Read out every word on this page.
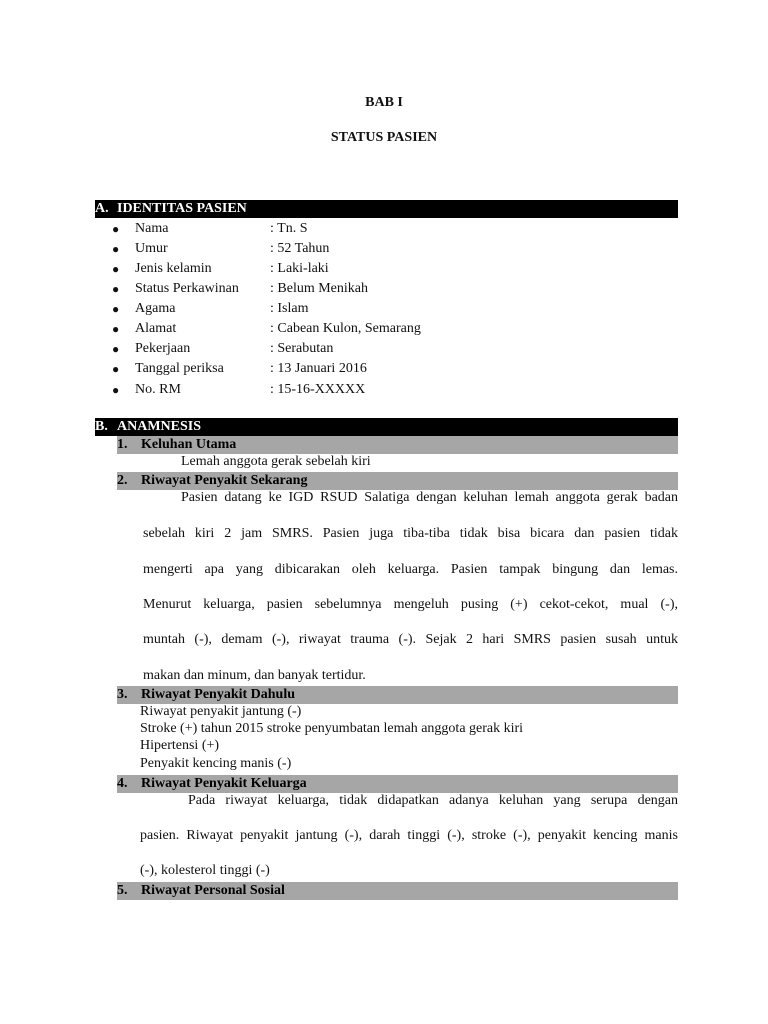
BAB I
STATUS PASIEN
A. IDENTITAS PASIEN
● Nama	: Tn. S
● Umur	: 52 Tahun
● Jenis kelamin	: Laki-laki
● Status Perkawinan : Belum Menikah
● Agama	: Islam
● Alamat	: Cabean Kulon, Semarang
● Pekerjaan	: Serabutan
● Tanggal periksa	: 13 Januari 2016
● No. RM	: 15-16-XXXXX
B. ANAMNESIS
1. Keluhan Utama
Lemah anggota gerak sebelah kiri
2. Riwayat Penyakit Sekarang
Pasien datang ke IGD RSUD Salatiga dengan keluhan lemah anggota gerak badan
sebelah kiri 2 jam SMRS. Pasien juga tiba-tiba tidak bisa bicara dan pasien tidak
mengerti apa yang dibicarakan oleh keluarga. Pasien tampak bingung dan lemas.
Menurut keluarga, pasien sebelumnya mengeluh pusing (+) cekot-cekot, mual (-),
muntah (-), demam (-), riwayat trauma (-). Sejak 2 hari SMRS pasien susah untuk
makan dan minum, dan banyak tertidur.
3. Riwayat Penyakit Dahulu
Riwayat penyakit jantung (-)
Stroke (+) tahun 2015 stroke penyumbatan lemah anggota gerak kiri
Hipertensi (+)
Penyakit kencing manis (-)
4. Riwayat Penyakit Keluarga
Pada riwayat keluarga, tidak didapatkan adanya keluhan yang serupa dengan
pasien. Riwayat penyakit jantung (-), darah tinggi (-), stroke (-), penyakit kencing manis
(-), kolesterol tinggi (-)
5. Riwayat Personal Sosial
